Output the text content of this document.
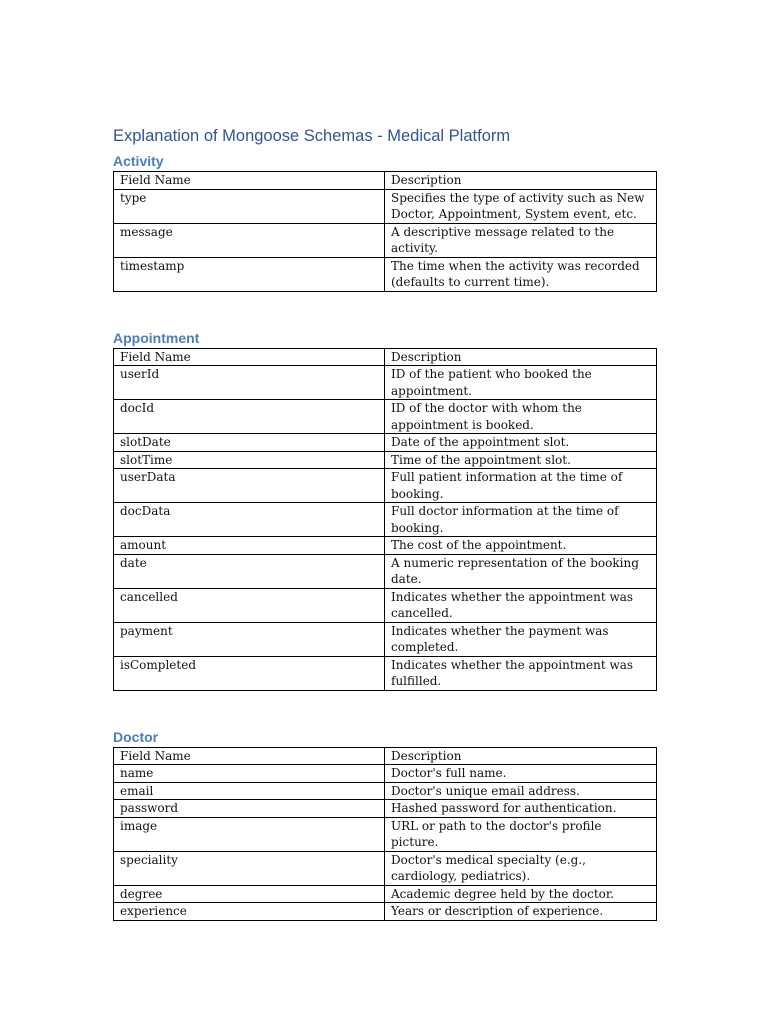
Explanation of Mongoose Schemas - Medical Platform
Activity
Field Name	Description
type	Specifies the type of activity such as New Doctor, Appointment, System event, etc.
message	A descriptive message related to the activity.
timestamp	The time when the activity was recorded (defaults to current time).
Appointment
Field Name	Description
userId	ID of the patient who booked the appointment.
docId	ID of the doctor with whom the appointment is booked.
slotDate	Date of the appointment slot.
slotTime	Time of the appointment slot.
userData	Full patient information at the time of booking.
docData	Full doctor information at the time of booking.
amount	The cost of the appointment.
date	A numeric representation of the booking date.
cancelled	Indicates whether the appointment was cancelled.
payment	Indicates whether the payment was completed.
isCompleted	Indicates whether the appointment was fulfilled.
Doctor
Field Name	Description
name	Doctor's full name.
email	Doctor's unique email address.
password	Hashed password for authentication.
image	URL or path to the doctor's profile picture.
speciality	Doctor's medical specialty (e.g., cardiology, pediatrics).
degree	Academic degree held by the doctor.
experience	Years or description of experience.
